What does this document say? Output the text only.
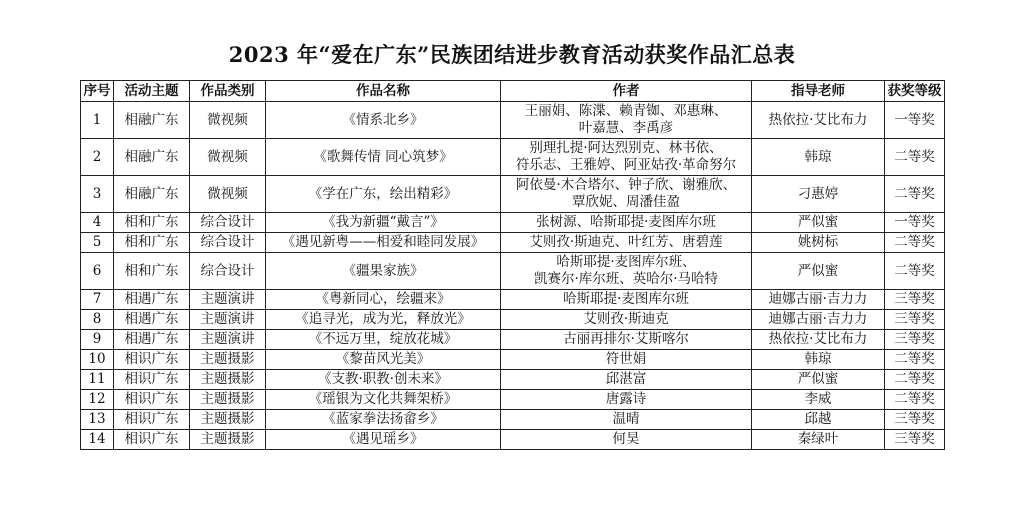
2023 年“爱在广东”民族团结进步教育活动获奖作品汇总表
序号	活动主题	作品类别	作品名称	作者	指导老师	获奖等级
1	相融广东	微视频	《情系北乡》	王丽娟、陈渫、赖青铷、邓惠琳、
叶嘉慧、李禹彦	热依拉·艾比布力	一等奖
2	相融广东	微视频	《歌舞传情 同心筑梦》	别理扎提·阿达烈别克、林书依、
符乐志、王雅婷、阿亚姑孜·革命努尔	韩琼	二等奖
3	相融广东	微视频	《学在广东，绘出精彩》	阿依曼·木合塔尔、钟子欣、谢雅欣、
覃欣妮、周潘佳盈	刁惠婷	二等奖
4	相和广东	综合设计	《我为新疆“戴言”》	张树源、哈斯耶提·麦图库尔班	严似蜜	一等奖
5	相和广东	综合设计	《遇见新粤——相爱和睦同发展》	艾则孜·斯迪克、叶红芳、唐碧莲	姚树标	二等奖
6	相和广东	综合设计	《疆果家族》	哈斯耶提·麦图库尔班、
凯赛尔·库尔班、英哈尔·马哈特	严似蜜	二等奖
7	相遇广东	主题演讲	《粤新同心，绘疆来》	哈斯耶提·麦图库尔班	迪娜古丽·吉力力	三等奖
8	相遇广东	主题演讲	《追寻光，成为光，释放光》	艾则孜·斯迪克	迪娜古丽·吉力力	三等奖
9	相遇广东	主题演讲	《不远万里，绽放花城》	古丽再排尔·艾斯喀尔	热依拉·艾比布力	三等奖
10	相识广东	主题摄影	《黎苗风光美》	符世娟	韩琼	二等奖
11	相识广东	主题摄影	《支教·职教·创未来》	邱湛富	严似蜜	二等奖
12	相识广东	主题摄影	《瑶银为文化共舞架桥》	唐露诗	李威	二等奖
13	相识广东	主题摄影	《蓝家拳法扬畲乡》	温晴	邱越	三等奖
14	相识广东	主题摄影	《遇见瑶乡》	何昊	秦绿叶	三等奖
